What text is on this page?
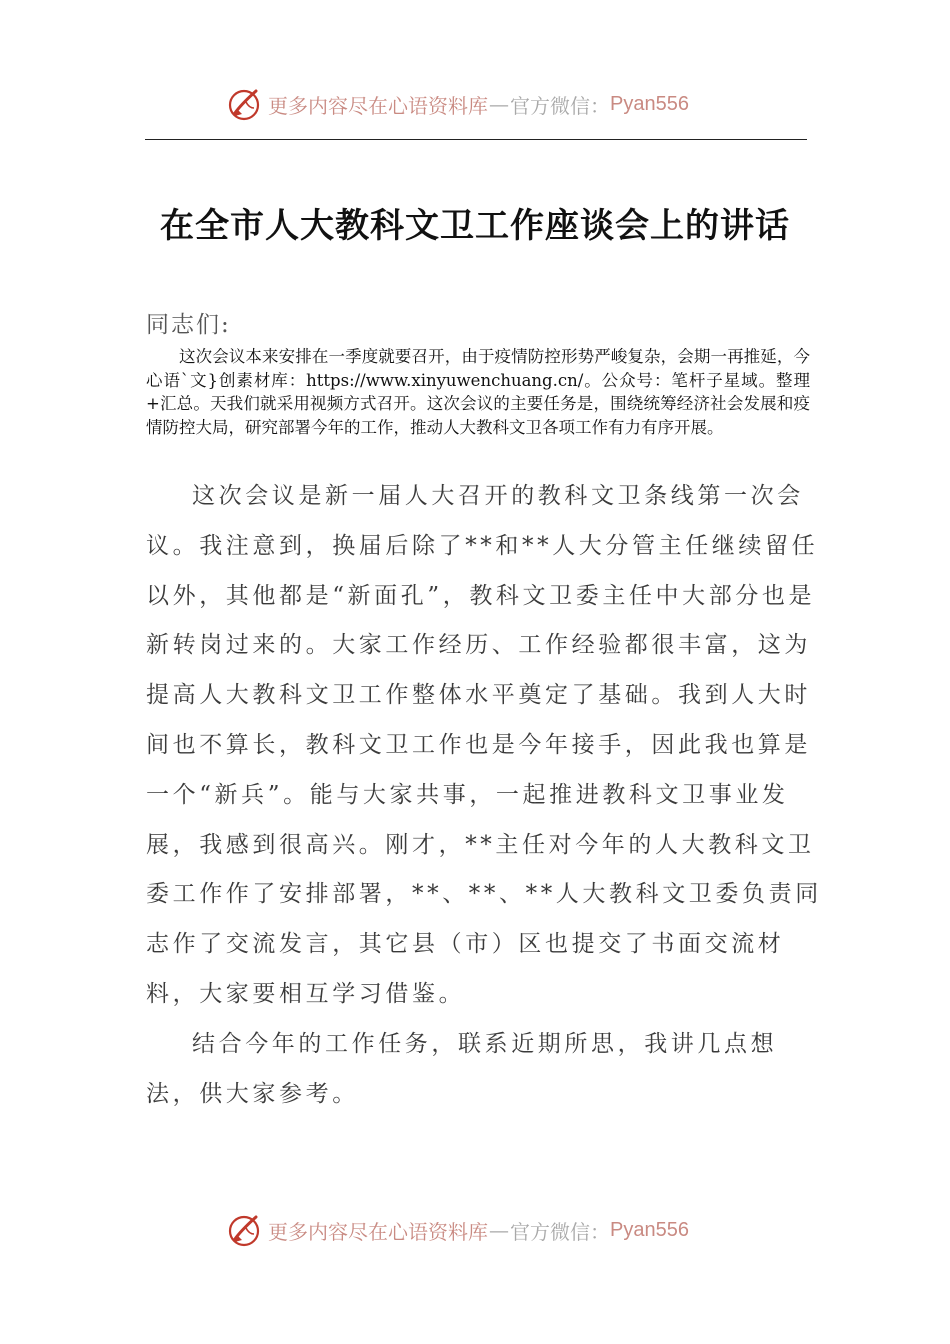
更多内容尽在心语资料库 — 官方微信： Pyan556
在全市人大教科文卫工作座谈会上的讲话
同志们:
这次会议本来安排在一季度就要召开，由于疫情防控形势严峻复杂，会期一再推延，今心语`文}创素材库：https://www.xinyuwenchuang.cn/。公众号：笔杆子星域。整理+汇总。天我们就采用视频方式召开。这次会议的主要任务是，围绕统筹经济社会发展和疫情防控大局，研究部署今年的工作，推动人大教科文卫各项工作有力有序开展。
这次会议是新一届人大召开的教科文卫条线第一次会议。我注意到，换届后除了**和**人大分管主任继续留任以外，其他都是“新面孔”，教科文卫委主任中大部分也是新转岗过来的。大家工作经历、工作经验都很丰富，这为提高人大教科文卫工作整体水平奠定了基础。我到人大时间也不算长，教科文卫工作也是今年接手，因此我也算是一个“新兵”。能与大家共事，一起推进教科文卫事业发展，我感到很高兴。刚才，**主任对今年的人大教科文卫委工作作了安排部署，**、**、**人大教科文卫委负责同志作了交流发言，其它县（市）区也提交了书面交流材料，大家要相互学习借鉴。
结合今年的工作任务，联系近期所思，我讲几点想法，供大家参考。
更多内容尽在心语资料库 — 官方微信： Pyan556
